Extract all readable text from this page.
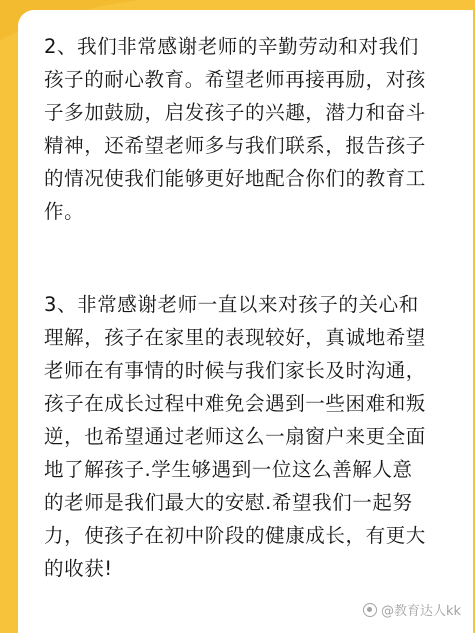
2、我们非常感谢老师的辛勤劳动和对我们
孩子的耐心教育。希望老师再接再励，对孩
子多加鼓励，启发孩子的兴趣，潜力和奋斗
精神，还希望老师多与我们联系，报告孩子
的情况使我们能够更好地配合你们的教育工
作。

3、非常感谢老师一直以来对孩子的关心和
理解，孩子在家里的表现较好，真诚地希望
老师在有事情的时候与我们家长及时沟通，
孩子在成长过程中难免会遇到一些困难和叛
逆，也希望通过老师这么一扇窗户来更全面
地了解孩子.学生够遇到一位这么善解人意
的老师是我们最大的安慰.希望我们一起努
力，使孩子在初中阶段的健康成长，有更大
的收获!

@教育达人kk
